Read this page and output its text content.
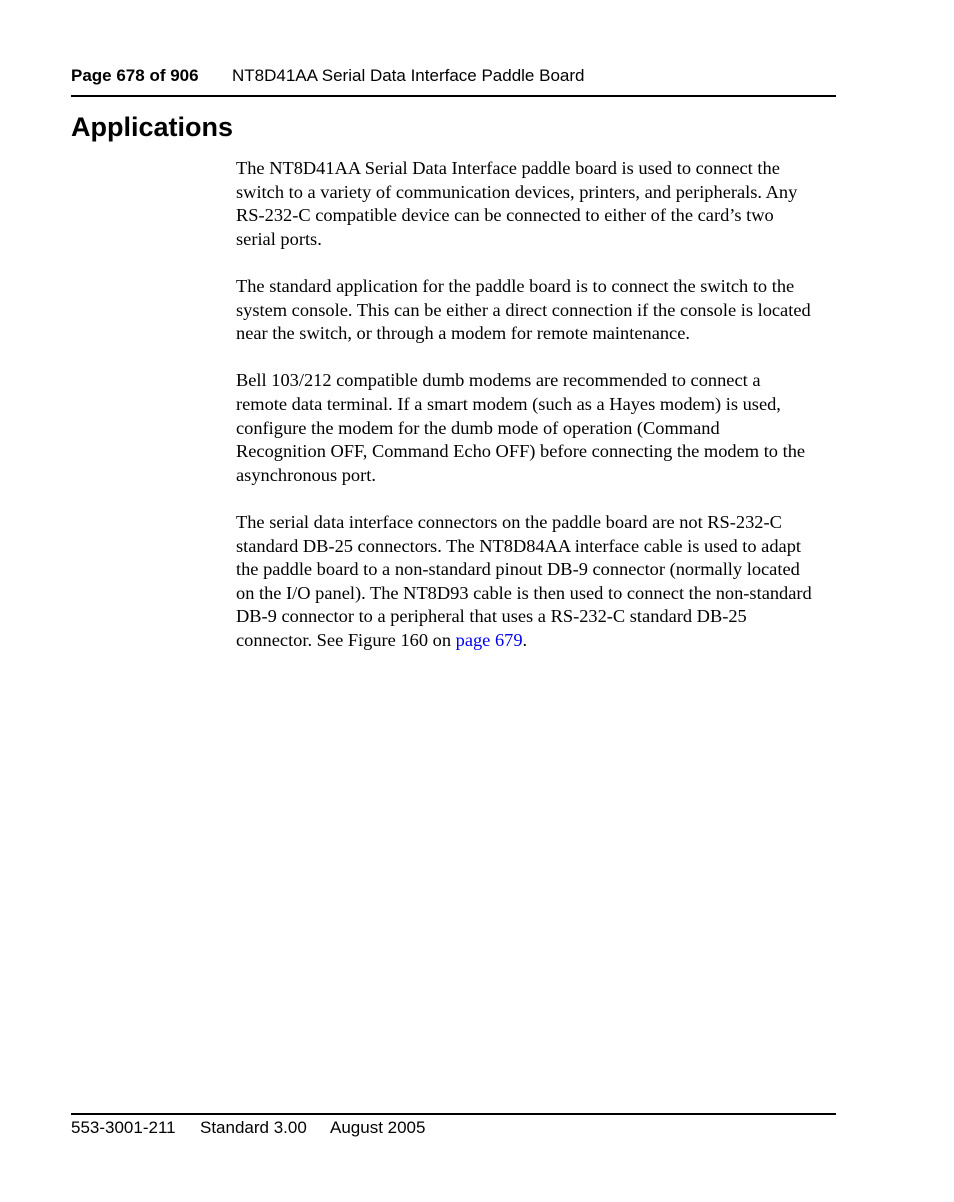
Page 678 of 906 NT8D41AA Serial Data Interface Paddle Board
Applications

The NT8D41AA Serial Data Interface paddle board is used to connect the
switch to a variety of communication devices, printers, and peripherals. Any
RS-232-C compatible device can be connected to either of the card’s two
serial ports.

The standard application for the paddle board is to connect the switch to the
system console. This can be either a direct connection if the console is located
near the switch, or through a modem for remote maintenance.

Bell 103/212 compatible dumb modems are recommended to connect a
remote data terminal. If a smart modem (such as a Hayes modem) is used,
configure the modem for the dumb mode of operation (Command
Recognition OFF, Command Echo OFF) before connecting the modem to the
asynchronous port.

The serial data interface connectors on the paddle board are not RS-232-C
standard DB-25 connectors. The NT8D84AA interface cable is used to adapt
the paddle board to a non-standard pinout DB-9 connector (normally located
on the I/O panel). The NT8D93 cable is then used to connect the non-standard
DB-9 connector to a peripheral that uses a RS-232-C standard DB-25
connector. See Figure 160 on page 679.

553-3001-211 Standard 3.00 August 2005
